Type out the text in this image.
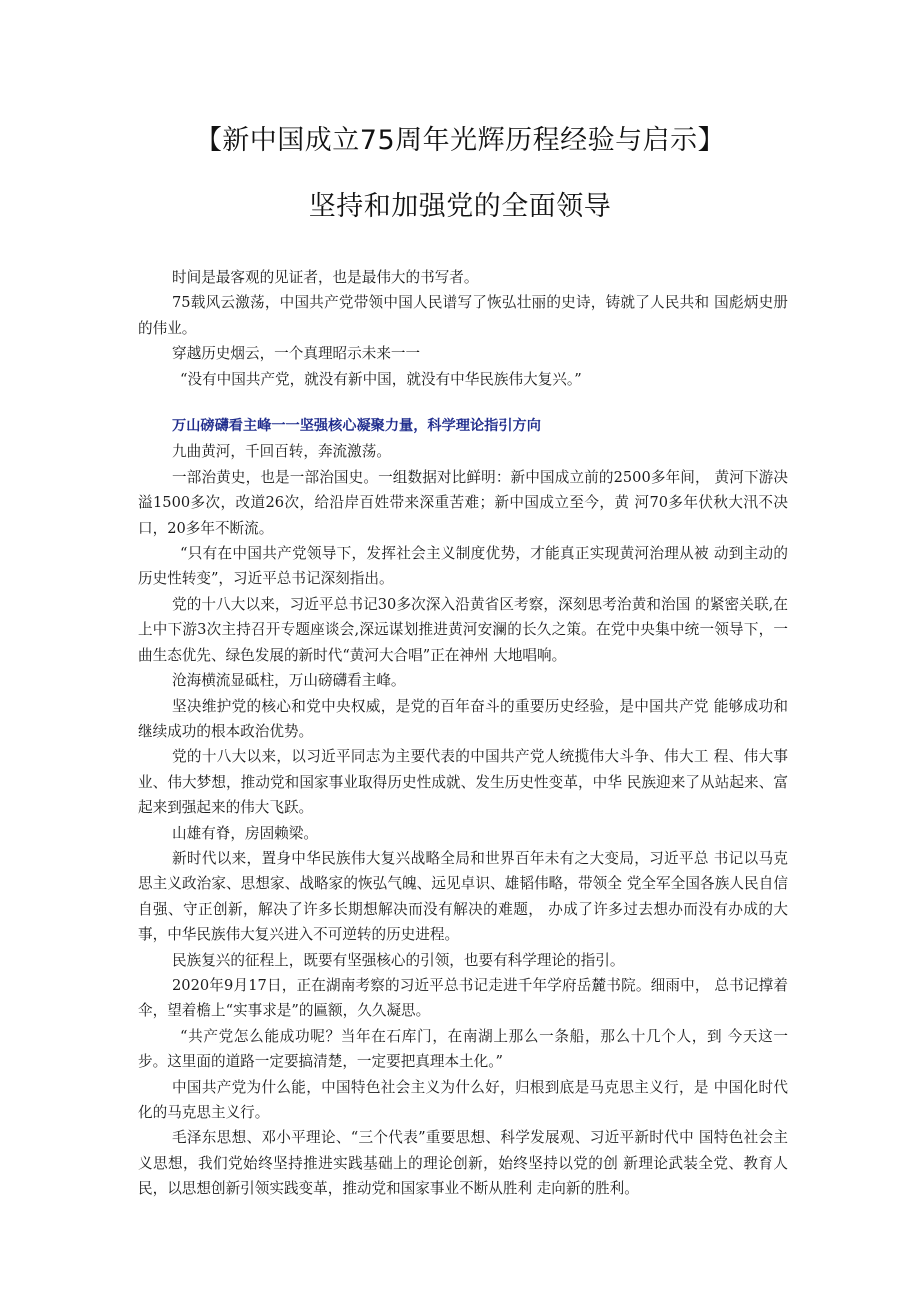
【新中国成立75周年光辉历程经验与启示】
坚持和加强党的全面领导

时间是最客观的见证者，也是最伟大的书写者。

75载风云激荡，中国共产党带领中国人民谱写了恢弘壮丽的史诗，铸就了人民共和 国彪炳史册的伟业。

穿越历史烟云，一个真理昭示未来一一

“没有中国共产党，就没有新中国，就没有中华民族伟大复兴。”

万山磅礴看主峰一一坚强核心凝聚力量，科学理论指引方向

九曲黄河，千回百转，奔流激荡。

一部治黄史，也是一部治国史。一组数据对比鲜明：新中国成立前的2500多年间， 黄河下游决溢1500多次，改道26次，给沿岸百姓带来深重苦难；新中国成立至今，黄 河70多年伏秋大汛不决口，20多年不断流。

“只有在中国共产党领导下，发挥社会主义制度优势，才能真正实现黄河治理从被 动到主动的历史性转变”，习近平总书记深刻指出。

党的十八大以来，习近平总书记30多次深入沿黄省区考察，深刻思考治黄和治国 的紧密关联,在上中下游3次主持召开专题座谈会,深远谋划推进黄河安澜的长久之策。在党中央集中统一领导下，一曲生态优先、绿色发展的新时代“黄河大合唱”正在神州 大地唱响。

沧海横流显砥柱，万山磅礴看主峰。

坚决维护党的核心和党中央权威，是党的百年奋斗的重要历史经验，是中国共产党 能够成功和继续成功的根本政治优势。

党的十八大以来，以习近平同志为主要代表的中国共产党人统揽伟大斗争、伟大工 程、伟大事业、伟大梦想，推动党和国家事业取得历史性成就、发生历史性变革，中华 民族迎来了从站起来、富起来到强起来的伟大飞跃。

山雄有脊，房固赖梁。

新时代以来，置身中华民族伟大复兴战略全局和世界百年未有之大变局，习近平总 书记以马克思主义政治家、思想家、战略家的恢弘气魄、远见卓识、雄韬伟略，带领全 党全军全国各族人民自信自强、守正创新，解决了许多长期想解决而没有解决的难题， 办成了许多过去想办而没有办成的大事，中华民族伟大复兴进入不可逆转的历史进程。

民族复兴的征程上，既要有坚强核心的引领，也要有科学理论的指引。

2020年9月17日，正在湖南考察的习近平总书记走进千年学府岳麓书院。细雨中， 总书记撑着伞，望着檐上“实事求是”的匾额，久久凝思。

“共产党怎么能成功呢？当年在石库门，在南湖上那么一条船，那么十几个人，到 今天这一步。这里面的道路一定要搞清楚，一定要把真理本土化。”

中国共产党为什么能，中国特色社会主义为什么好，归根到底是马克思主义行，是 中国化时代化的马克思主义行。

毛泽东思想、邓小平理论、“三个代表”重要思想、科学发展观、习近平新时代中 国特色社会主义思想，我们党始终坚持推进实践基础上的理论创新，始终坚持以党的创 新理论武装全党、教育人民，以思想创新引领实践变革，推动党和国家事业不断从胜利 走向新的胜利。
